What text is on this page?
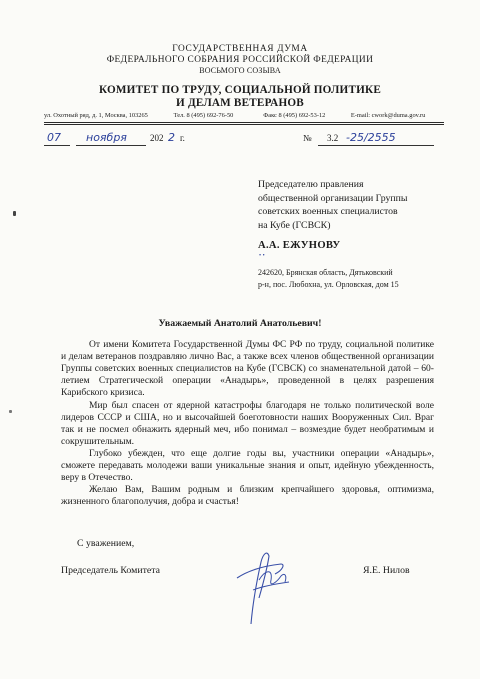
ГОСУДАРСТВЕННАЯ ДУМА
ФЕДЕРАЛЬНОГО СОБРАНИЯ РОССИЙСКОЙ ФЕДЕРАЦИИ
ВОСЬМОГО СОЗЫВА
КОМИТЕТ ПО ТРУДУ, СОЦИАЛЬНОЙ ПОЛИТИКЕ
И ДЕЛАМ ВЕТЕРАНОВ
ул. Охотный ряд, д. 1, Москва, 103265	Тел. 8 (495) 692-76-50	Факс 8 (495) 692-53-12	E-mail: cwork@duma.gov.ru
07 ноября	202 2 г.	№ 3.2 -25/2555
Председателю правления
общественной организации Группы
советских военных специалистов
на Кубе (ГСВСК)
А.А. ЕЖУНОВУ
• •
242620, Брянская область, Дятьковский
р-н, пос. Любохна, ул. Орловская, дом 15
Уважаемый Анатолий Анатольевич!

От имени Комитета Государственной Думы ФС РФ по труду, социальной политике и делам ветеранов поздравляю лично Вас, а также всех членов общественной организации Группы советских военных специалистов на Кубе (ГСВСК) со знаменательной датой – 60-летием Стратегической операции «Анадырь», проведенной в целях разрешения Карибского кризиса.

Мир был спасен от ядерной катастрофы благодаря не только политической воле лидеров СССР и США, но и высочайшей боеготовности наших Вооруженных Сил. Враг так и не посмел обнажить ядерный меч, ибо понимал – возмездие будет необратимым и сокрушительным.

Глубоко убежден, что еще долгие годы вы, участники операции «Анадырь», сможете передавать молодежи ваши уникальные знания и опыт, идейную убежденность, веру в Отечество.

Желаю Вам, Вашим родным и близким крепчайшего здоровья, оптимизма, жизненного благополучия, добра и счастья!

С уважением,
Председатель Комитета	Я.Е. Нилов
